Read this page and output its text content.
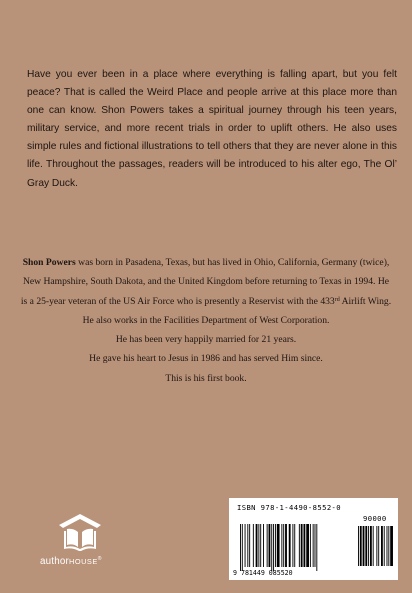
Have you ever been in a place where everything is falling apart, but you felt peace? That is called the Weird Place and people arrive at this place more than one can know. Shon Powers takes a spiritual journey through his teen years, military service, and more recent trials in order to uplift others. He also uses simple rules and fictional illustrations to tell others that they are never alone in this life. Throughout the passages, readers will be introduced to his alter ego, The Ol’ Gray Duck.

Shon Powers was born in Pasadena, Texas, but has lived in Ohio, California, Germany (twice), New Hampshire, South Dakota, and the United Kingdom before returning to Texas in 1994. He is a 25-year veteran of the US Air Force who is presently a Reservist with the 433rd Airlift Wing.

He also works in the Facilities Department of West Corporation.

He has been very happily married for 21 years.

He gave his heart to Jesus in 1986 and has served Him since.

This is his first book.

authorHOUSE®
ISBN 978-1-4490-8552-0
90000
9 781449 085520
